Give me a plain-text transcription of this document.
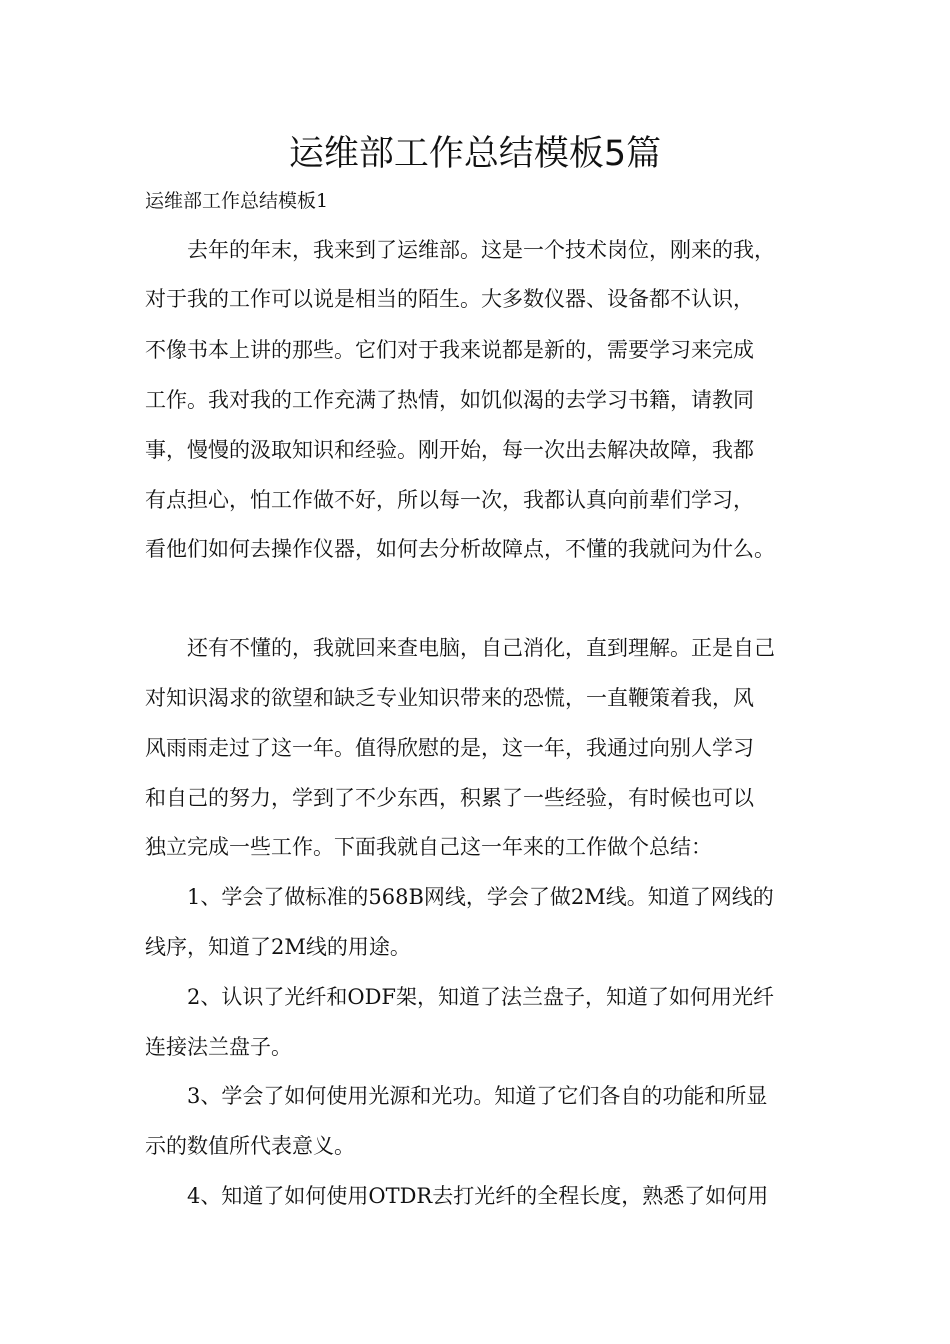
运维部工作总结模板5篇
运维部工作总结模板1
　　去年的年末，我来到了运维部。这是一个技术岗位，刚来的我，
对于我的工作可以说是相当的陌生。大多数仪器、设备都不认识，
不像书本上讲的那些。它们对于我来说都是新的，需要学习来完成
工作。我对我的工作充满了热情，如饥似渴的去学习书籍，请教同
事，慢慢的汲取知识和经验。刚开始，每一次出去解决故障，我都
有点担心，怕工作做不好，所以每一次，我都认真向前辈们学习，
看他们如何去操作仪器，如何去分析故障点，不懂的我就问为什么。
　　还有不懂的，我就回来查电脑，自己消化，直到理解。正是自己
对知识渴求的欲望和缺乏专业知识带来的恐慌，一直鞭策着我，风
风雨雨走过了这一年。值得欣慰的是，这一年，我通过向别人学习
和自己的努力，学到了不少东西，积累了一些经验，有时候也可以
独立完成一些工作。下面我就自己这一年来的工作做个总结：
　　1、学会了做标准的568B网线，学会了做2M线。知道了网线的
线序，知道了2M线的用途。
　　2、认识了光纤和ODF架，知道了法兰盘子，知道了如何用光纤
连接法兰盘子。
　　3、学会了如何使用光源和光功。知道了它们各自的功能和所显
示的数值所代表意义。
　　4、知道了如何使用OTDR去打光纤的全程长度，熟悉了如何用
